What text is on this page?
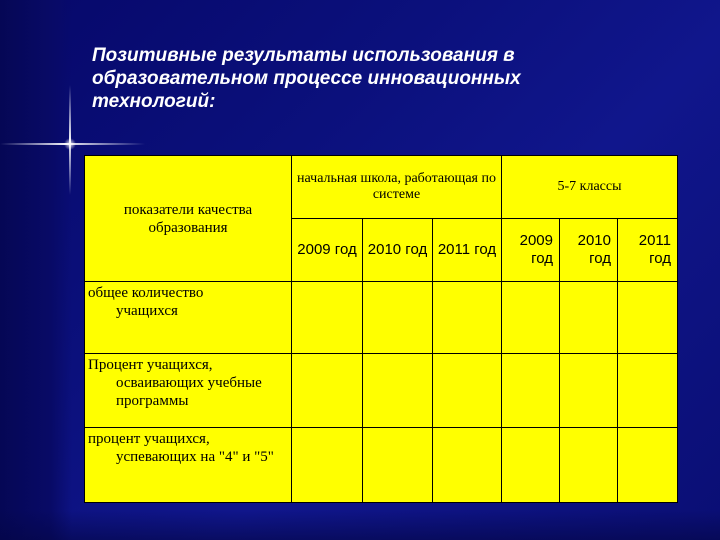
Позитивные результаты использования в образовательном процессе инновационных технологий:
показатели качества образования	начальная школа, работающая по системе			5-7 классы		
	2009 год	2010 год	2011 год	2009 год	2010 год	2011 год
общее количество
учащихся						

Процент учащихся,
осваивающих учебные программы						

процент учащихся,
успевающих на "4" и "5"						
